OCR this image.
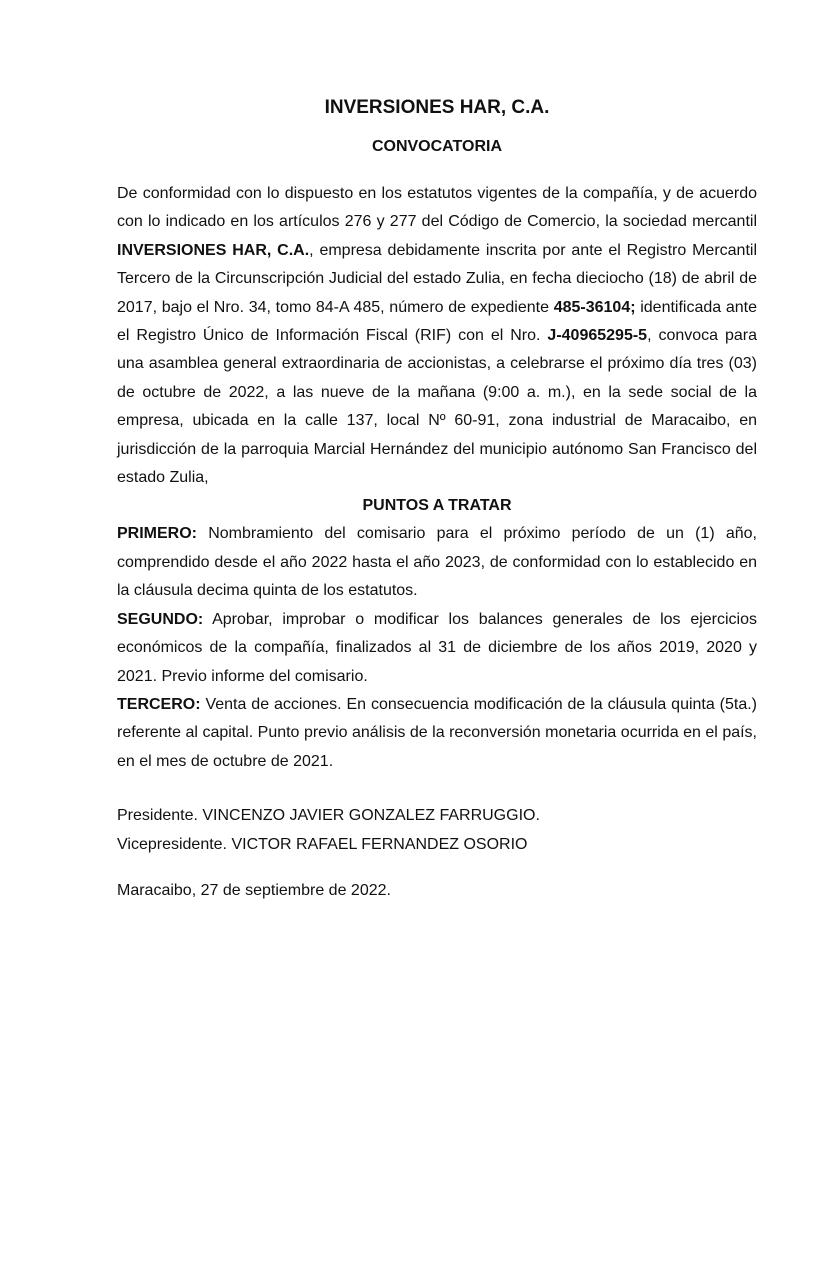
INVERSIONES HAR, C.A.
CONVOCATORIA

De conformidad con lo dispuesto en los estatutos vigentes de la compañía, y de acuerdo con lo indicado en los artículos 276 y 277 del Código de Comercio, la sociedad mercantil INVERSIONES HAR, C.A., empresa debidamente inscrita por ante el Registro Mercantil Tercero de la Circunscripción Judicial del estado Zulia, en fecha dieciocho (18) de abril de 2017, bajo el Nro. 34, tomo 84-A 485, número de expediente 485-36104; identificada ante el Registro Único de Información Fiscal (RIF) con el Nro. J-40965295-5, convoca para una asamblea general extraordinaria de accionistas, a celebrarse el próximo día tres (03) de octubre de 2022, a las nueve de la mañana (9:00 a. m.), en la sede social de la empresa, ubicada en la calle 137, local Nº 60-91, zona industrial de Maracaibo, en jurisdicción de la parroquia Marcial Hernández del municipio autónomo San Francisco del estado Zulia,

PUNTOS A TRATAR

PRIMERO: Nombramiento del comisario para el próximo período de un (1) año, comprendido desde el año 2022 hasta el año 2023, de conformidad con lo establecido en la cláusula decima quinta de los estatutos.

SEGUNDO: Aprobar, improbar o modificar los balances generales de los ejercicios económicos de la compañía, finalizados al 31 de diciembre de los años 2019, 2020 y 2021. Previo informe del comisario.

TERCERO: Venta de acciones. En consecuencia modificación de la cláusula quinta (5ta.) referente al capital. Punto previo análisis de la reconversión monetaria ocurrida en el país, en el mes de octubre de 2021.

Presidente. VINCENZO JAVIER GONZALEZ FARRUGGIO.
Vicepresidente. VICTOR RAFAEL FERNANDEZ OSORIO
Maracaibo, 27 de septiembre de 2022.
